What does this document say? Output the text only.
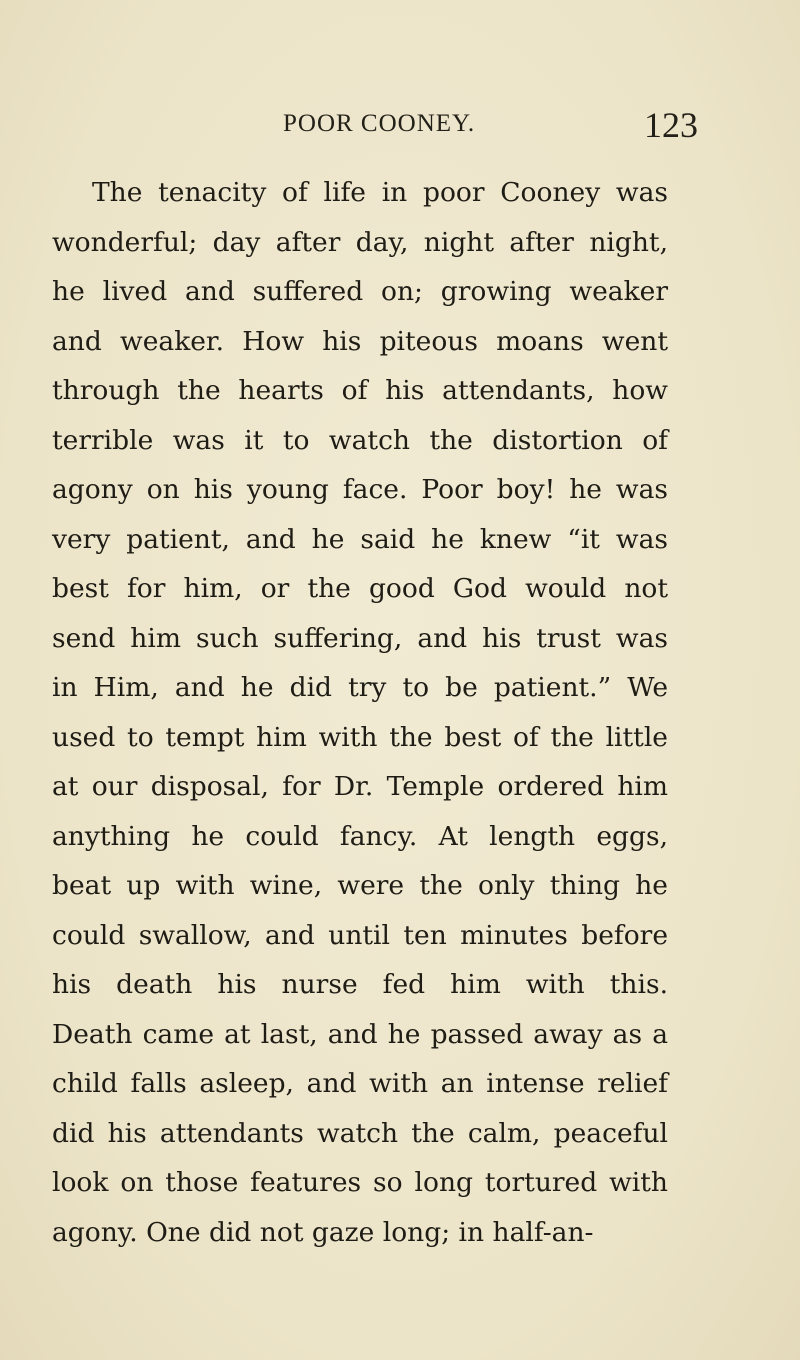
POOR COONEY.	123
The tenacity of life in poor Cooney was
wonderful; day after day, night after night,
he lived and suffered on; growing weaker
and weaker. How his piteous moans went
through the hearts of his attendants, how
terrible was it to watch the distortion of
agony on his young face. Poor boy! he was
very patient, and he said he knew “it was
best for him, or the good God would not
send him such suffering, and his trust was
in Him, and he did try to be patient.” We
used to tempt him with the best of the little
at our disposal, for Dr. Temple ordered him
anything he could fancy. At length eggs,
beat up with wine, were the only thing he
could swallow, and until ten minutes before
his death his nurse fed him with this.
Death came at last, and he passed away as a
child falls asleep, and with an intense relief
did his attendants watch the calm, peaceful
look on those features so long tortured with
agony. One did not gaze long; in half-an-
